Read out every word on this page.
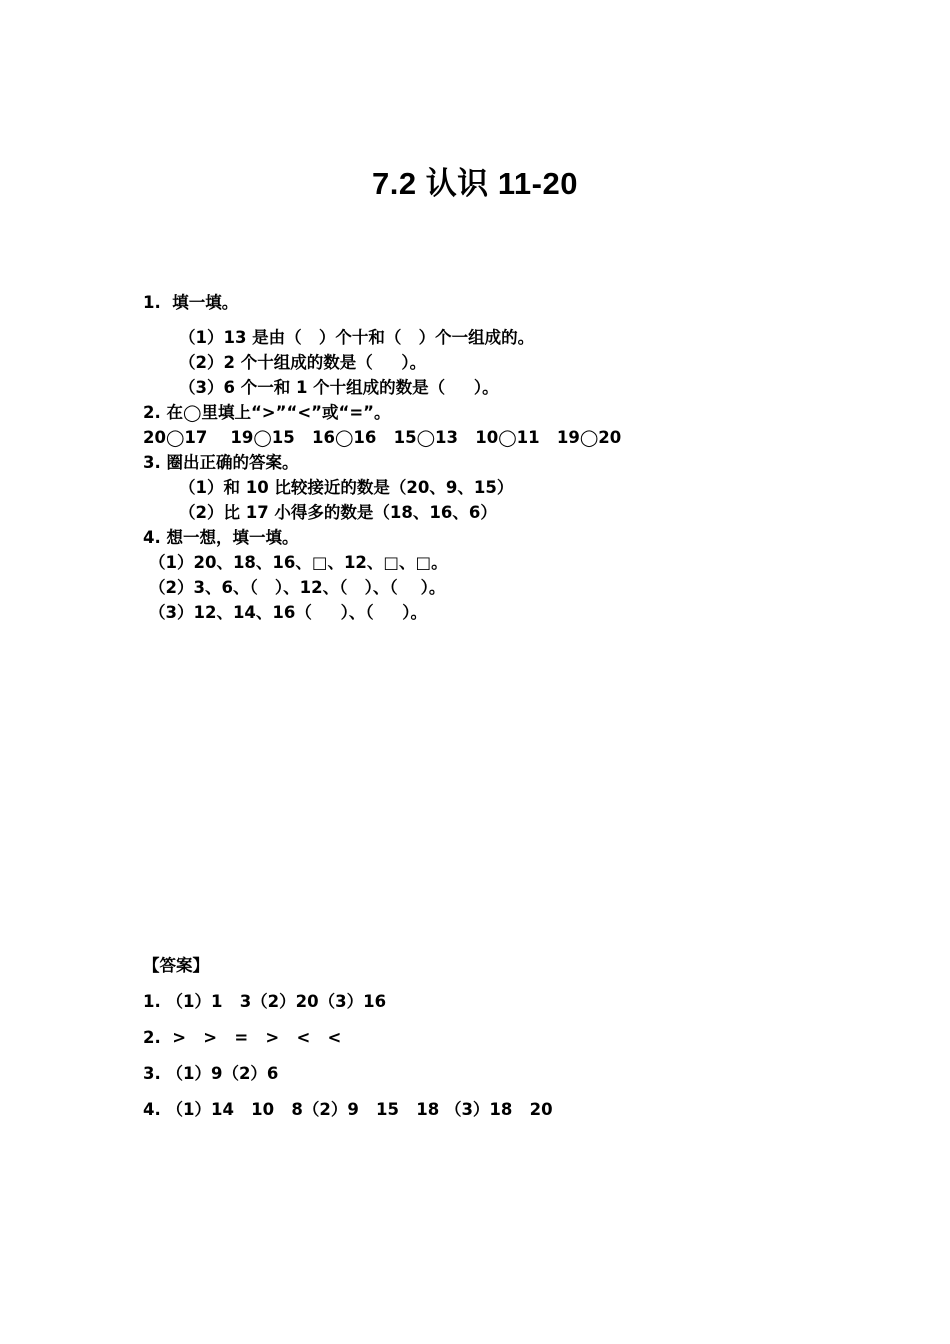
7.2 认识 11-20
1.  填一填。
（1）13 是由（   ）个十和（   ）个一组成的。
（2）2 个十组成的数是（     ）。
（3）6 个一和 1 个十组成的数是（     ）。
2. 在◯里填上“>”“<”或“=”。
20◯17    19◯15   16◯16   15◯13   10◯11   19◯20
3. 圈出正确的答案。
（1）和 10 比较接近的数是（20、9、15）
（2）比 17 小得多的数是（18、16、6）
4. 想一想，填一填。
（1）20、18、16、□、12、□、□。
（2）3、6、（   ）、12、（   ）、（    ）。
（3）12、14、16（     ）、（     ）。
【答案】
1. （1）1   3（2）20（3）16
2.  >   >   =   >   <   <
3. （1）9（2）6
4. （1）14   10   8（2）9   15   18 （3）18   20
